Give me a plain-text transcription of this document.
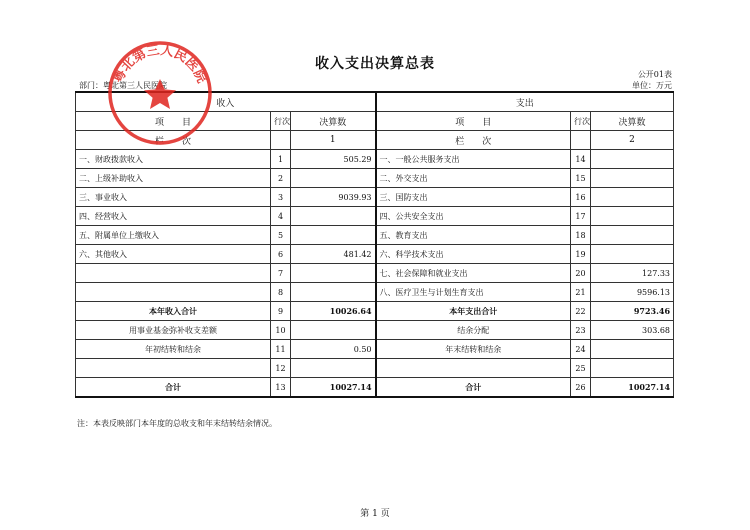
收入支出决算总表
公开01表
部门：粤北第三人民医院	单位：万元
收入			支出		
项　　目	行次	决算数	项　　目	行次	决算数
栏　　次		1	栏　　次		2
一、财政拨款收入	1	505.29	一、一般公共服务支出	14	
二、上级补助收入	2		二、外交支出	15	
三、事业收入	3	9039.93	三、国防支出	16	
四、经营收入	4		四、公共安全支出	17	
五、附属单位上缴收入	5		五、教育支出	18	
六、其他收入	6	481.42	六、科学技术支出	19	
	7		七、社会保障和就业支出	20	127.33
	8		八、医疗卫生与计划生育支出	21	9596.13
本年收入合计	9	10026.64	本年支出合计	22	9723.46
用事业基金弥补收支差额	10		结余分配	23	303.68
年初结转和结余	11	0.50	年末结转和结余	24	
	12			25	
合计	13	10027.14	合计	26	10027.14
注：本表反映部门本年度的总收支和年末结转结余情况。
第 1 页
粤北第三人民医院
